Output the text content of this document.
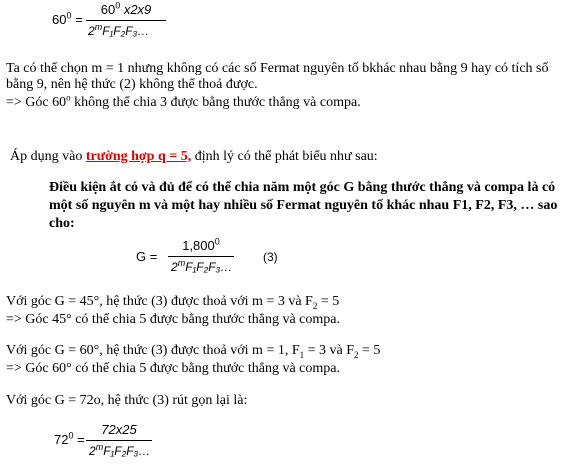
$60^0$ =
$60^0$ x2x9
2$^m$F₁F₂F₃…
Ta có thể chọn m = 1 nhưng không có các số Fermat nguyên tố bkhác nhau bằng 9 hay có tích số bằng 9, nên hệ thức (2) không thể thoả được.
=> Góc 60$^o$ không thể chia 3 được bằng thước thẳng và compa.
Áp dụng vào trường hợp q = 5, định lý có thể phát biểu như sau:
Điều kiện ắt có và đủ để có thể chia năm một góc G bằng thước thẳng và compa là có một số nguyên m và một hay nhiều số Fermat nguyên tố khác nhau F1, F2, F3, … sao cho:
G =
$1,800^0$
2$^m$F₁F₂F₃…
(3)
Với góc G = 45°, hệ thức (3) được thoả với m = 3 và $F_2 = 5$
=> Góc 45° có thể chia 5 được bằng thước thẳng và compa.
Với góc G = 60°, hệ thức (3) được thoả với m = 1, $F_1 = 3$ và $F_2 = 5$
=> Góc 60° có thể chia 5 được bằng thước thẳng và compa.
Với góc G = 72o, hệ thức (3) rút gọn lại là:
$72^0$ =
72x25
2$^m$F₁F₂F₃…
